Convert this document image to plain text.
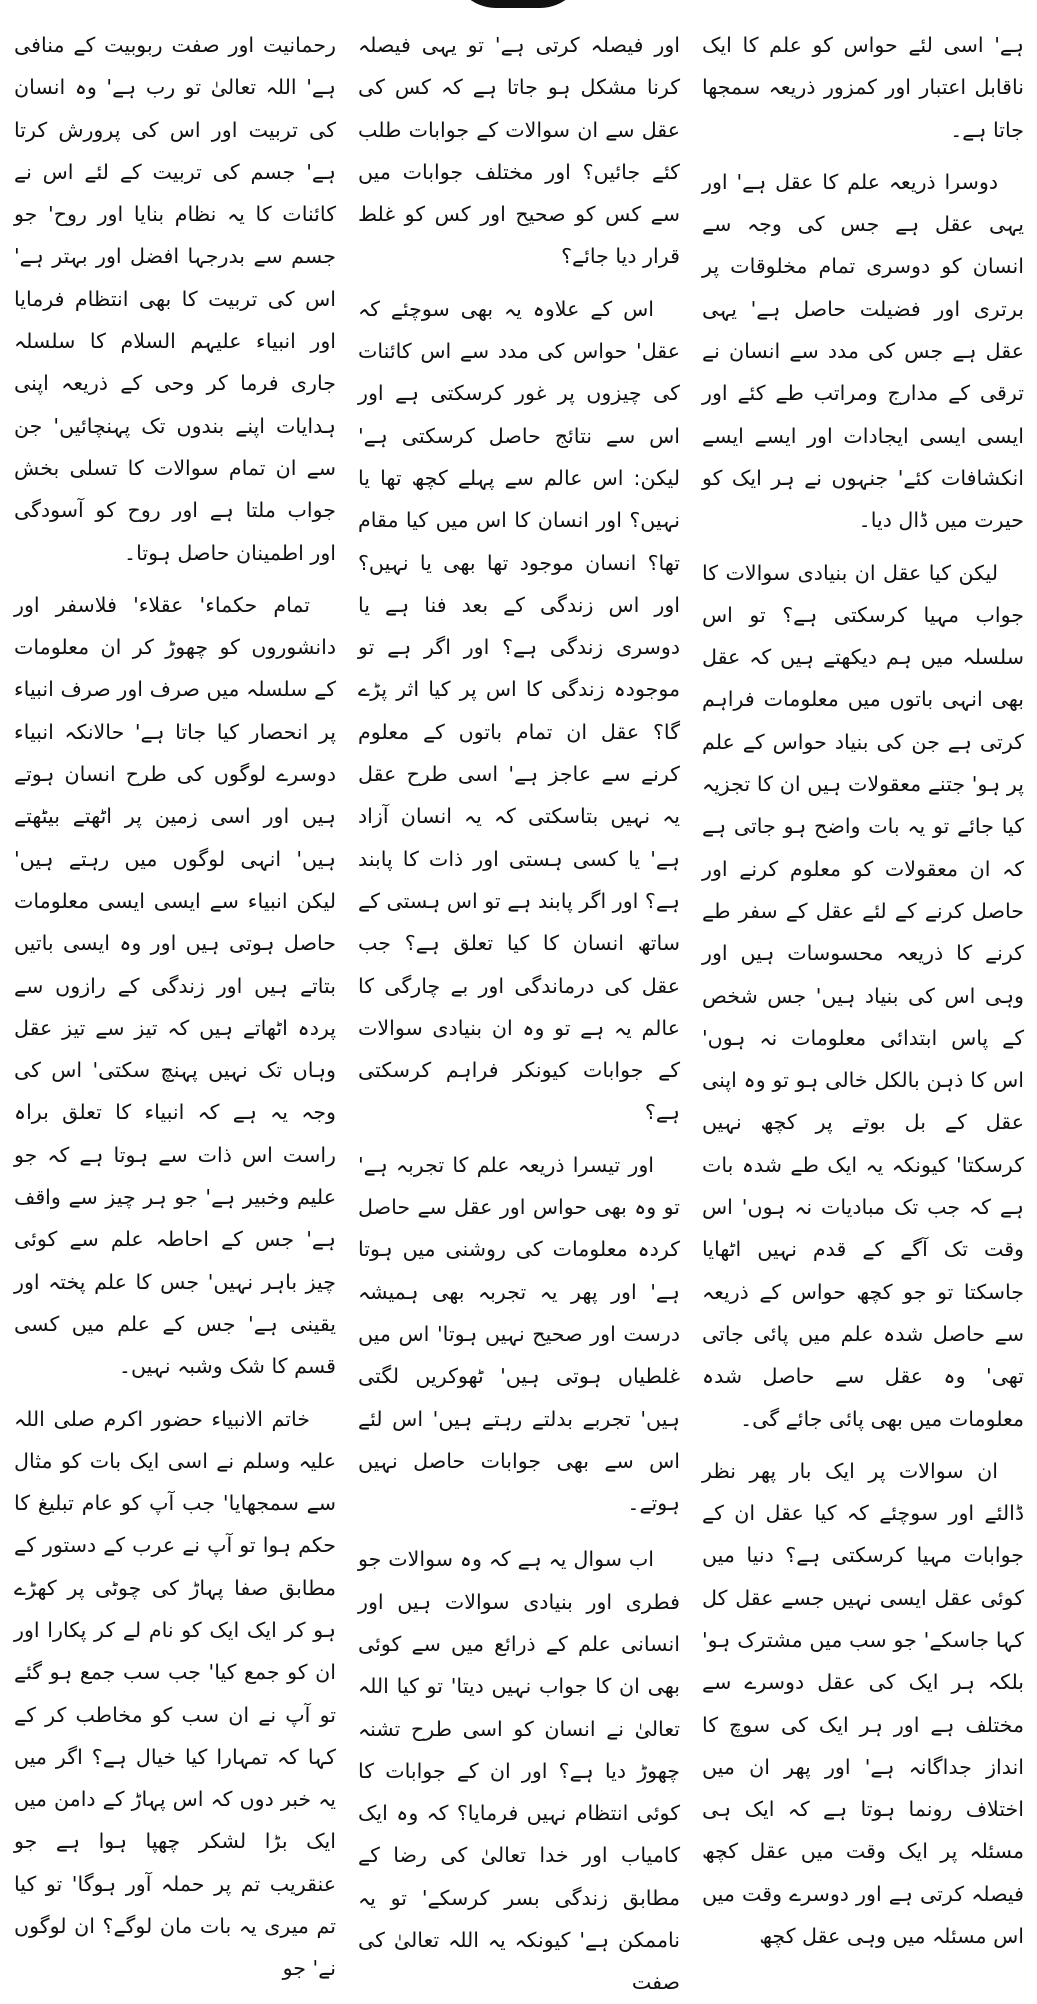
ہے' اسی لئے حواس کو علم کا ایک ناقابل اعتبار اور کمزور ذریعہ سمجھا جاتا ہے۔

دوسرا ذریعہ علم کا عقل ہے' اور یہی عقل ہے جس کی وجہ سے انسان کو دوسری تمام مخلوقات پر برتری اور فضیلت حاصل ہے' یہی عقل ہے جس کی مدد سے انسان نے ترقی کے مدارج ومراتب طے کئے اور ایسی ایسی ایجادات اور ایسے ایسے انکشافات کئے' جنہوں نے ہر ایک کو حیرت میں ڈال دیا۔

لیکن کیا عقل ان بنیادی سوالات کا جواب مہیا کرسکتی ہے؟ تو اس سلسلہ میں ہم دیکھتے ہیں کہ عقل بھی انہی باتوں میں معلومات فراہم کرتی ہے جن کی بنیاد حواس کے علم پر ہو' جتنے معقولات ہیں ان کا تجزیہ کیا جائے تو یہ بات واضح ہو جاتی ہے کہ ان معقولات کو معلوم کرنے اور حاصل کرنے کے لئے عقل کے سفر طے کرنے کا ذریعہ محسوسات ہیں اور وہی اس کی بنیاد ہیں' جس شخص کے پاس ابتدائی معلومات نہ ہوں' اس کا ذہن بالکل خالی ہو تو وہ اپنی عقل کے بل بوتے پر کچھ نہیں کرسکتا' کیونکہ یہ ایک طے شدہ بات ہے کہ جب تک مبادیات نہ ہوں' اس وقت تک آگے کے قدم نہیں اٹھایا جاسکتا تو جو کچھ حواس کے ذریعہ سے حاصل شدہ علم میں پائی جاتی تھی' وہ عقل سے حاصل شدہ معلومات میں بھی پائی جائے گی۔

ان سوالات پر ایک بار پھر نظر ڈالئے اور سوچئے کہ کیا عقل ان کے جوابات مہیا کرسکتی ہے؟ دنیا میں کوئی عقل ایسی نہیں جسے عقل کل کہا جاسکے' جو سب میں مشترک ہو' بلکہ ہر ایک کی عقل دوسرے سے مختلف ہے اور ہر ایک کی سوچ کا انداز جداگانہ ہے' اور پھر ان میں اختلاف رونما ہوتا ہے کہ ایک ہی مسئلہ پر ایک وقت میں عقل کچھ فیصلہ کرتی ہے اور دوسرے وقت میں اس مسئلہ میں وہی عقل کچھ

اور فیصلہ کرتی ہے' تو یہی فیصلہ کرنا مشکل ہو جاتا ہے کہ کس کی عقل سے ان سوالات کے جوابات طلب کئے جائیں؟ اور مختلف جوابات میں سے کس کو صحیح اور کس کو غلط قرار دیا جائے؟

اس کے علاوہ یہ بھی سوچئے کہ عقل' حواس کی مدد سے اس کائنات کی چیزوں پر غور کرسکتی ہے اور اس سے نتائج حاصل کرسکتی ہے' لیکن: اس عالم سے پہلے کچھ تھا یا نہیں؟ اور انسان کا اس میں کیا مقام تھا؟ انسان موجود تھا بھی یا نہیں؟ اور اس زندگی کے بعد فنا ہے یا دوسری زندگی ہے؟ اور اگر ہے تو موجودہ زندگی کا اس پر کیا اثر پڑے گا؟ عقل ان تمام باتوں کے معلوم کرنے سے عاجز ہے' اسی طرح عقل یہ نہیں بتاسکتی کہ یہ انسان آزاد ہے' یا کسی ہستی اور ذات کا پابند ہے؟ اور اگر پابند ہے تو اس ہستی کے ساتھ انسان کا کیا تعلق ہے؟ جب عقل کی درماندگی اور بے چارگی کا عالم یہ ہے تو وہ ان بنیادی سوالات کے جوابات کیونکر فراہم کرسکتی ہے؟

اور تیسرا ذریعہ علم کا تجربہ ہے' تو وہ بھی حواس اور عقل سے حاصل کردہ معلومات کی روشنی میں ہوتا ہے' اور پھر یہ تجربہ بھی ہمیشہ درست اور صحیح نہیں ہوتا' اس میں غلطیاں ہوتی ہیں' ٹھوکریں لگتی ہیں' تجربے بدلتے رہتے ہیں' اس لئے اس سے بھی جوابات حاصل نہیں ہوتے۔

اب سوال یہ ہے کہ وہ سوالات جو فطری اور بنیادی سوالات ہیں اور انسانی علم کے ذرائع میں سے کوئی بھی ان کا جواب نہیں دیتا' تو کیا اللہ تعالیٰ نے انسان کو اسی طرح تشنہ چھوڑ دیا ہے؟ اور ان کے جوابات کا کوئی انتظام نہیں فرمایا؟ کہ وہ ایک کامیاب اور خدا تعالیٰ کی رضا کے مطابق زندگی بسر کرسکے' تو یہ ناممکن ہے' کیونکہ یہ اللہ تعالیٰ کی صفت

رحمانیت اور صفت ربوبیت کے منافی ہے' اللہ تعالیٰ تو رب ہے' وہ انسان کی تربیت اور اس کی پرورش کرتا ہے' جسم کی تربیت کے لئے اس نے کائنات کا یہ نظام بنایا اور روح' جو جسم سے بدرجہا افضل اور بہتر ہے' اس کی تربیت کا بھی انتظام فرمایا اور انبیاء علیہم السلام کا سلسلہ جاری فرما کر وحی کے ذریعہ اپنی ہدایات اپنے بندوں تک پہنچائیں' جن سے ان تمام سوالات کا تسلی بخش جواب ملتا ہے اور روح کو آسودگی اور اطمینان حاصل ہوتا۔

تمام حکماء' عقلاء' فلاسفر اور دانشوروں کو چھوڑ کر ان معلومات کے سلسلہ میں صرف اور صرف انبیاء پر انحصار کیا جاتا ہے' حالانکہ انبیاء دوسرے لوگوں کی طرح انسان ہوتے ہیں اور اسی زمین پر اٹھتے بیٹھتے ہیں' انہی لوگوں میں رہتے ہیں' لیکن انبیاء سے ایسی ایسی معلومات حاصل ہوتی ہیں اور وہ ایسی باتیں بتاتے ہیں اور زندگی کے رازوں سے پردہ اٹھاتے ہیں کہ تیز سے تیز عقل وہاں تک نہیں پہنچ سکتی' اس کی وجہ یہ ہے کہ انبیاء کا تعلق براہ راست اس ذات سے ہوتا ہے کہ جو علیم وخبیر ہے' جو ہر چیز سے واقف ہے' جس کے احاطہ علم سے کوئی چیز باہر نہیں' جس کا علم پختہ اور یقینی ہے' جس کے علم میں کسی قسم کا شک وشبہ نہیں۔

خاتم الانبیاء حضور اکرم صلی اللہ علیہ وسلم نے اسی ایک بات کو مثال سے سمجھایا' جب آپ کو عام تبلیغ کا حکم ہوا تو آپ نے عرب کے دستور کے مطابق صفا پہاڑ کی چوٹی پر کھڑے ہو کر ایک ایک کو نام لے کر پکارا اور ان کو جمع کیا' جب سب جمع ہو گئے تو آپ نے ان سب کو مخاطب کر کے کہا کہ تمہارا کیا خیال ہے؟ اگر میں یہ خبر دوں کہ اس پہاڑ کے دامن میں ایک بڑا لشکر چھپا ہوا ہے جو عنقریب تم پر حملہ آور ہوگا' تو کیا تم میری یہ بات مان لوگے؟ ان لوگوں نے' جو
